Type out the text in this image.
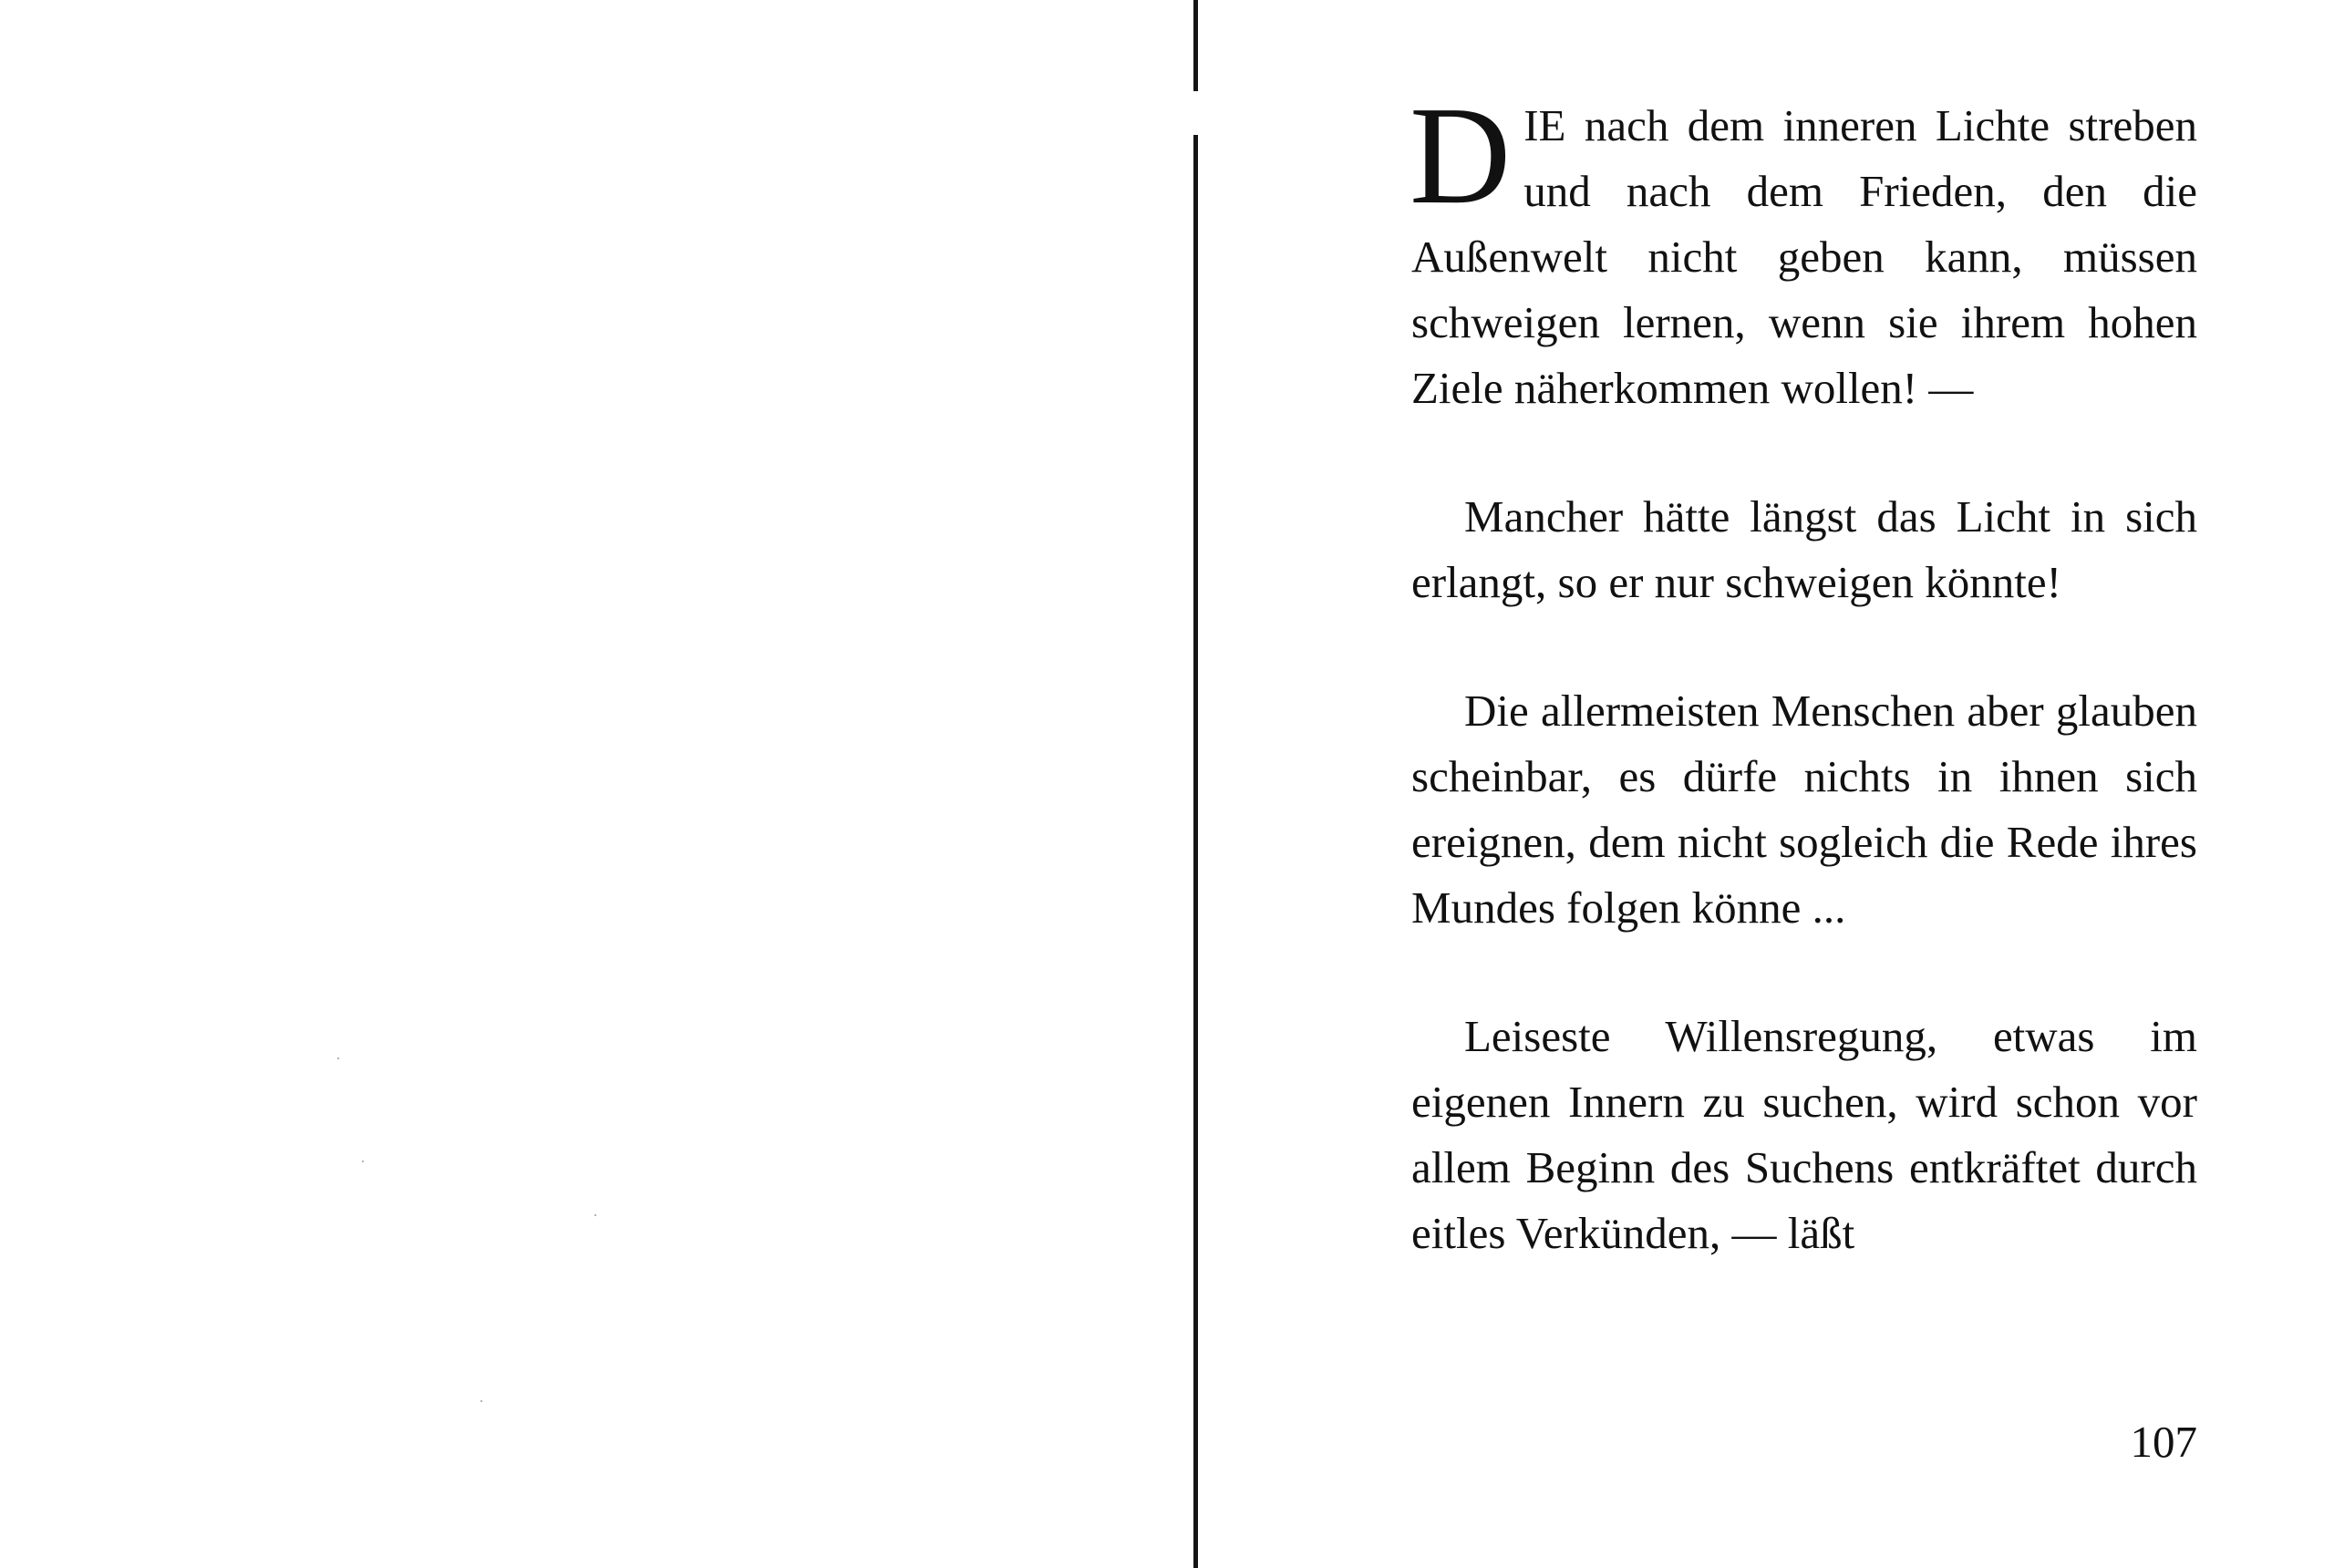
DIE nach dem inneren Lichte streben und nach dem Frieden, den die Außenwelt nicht geben kann, müssen schweigen lernen, wenn sie ihrem hohen Ziele näherkommen wollen! —

Mancher hätte längst das Licht in sich erlangt, so er nur schweigen könnte!

Die allermeisten Menschen aber glauben scheinbar, es dürfe nichts in ihnen sich ereignen, dem nicht sogleich die Rede ihres Mundes folgen könne ...

Leiseste Willensregung, etwas im eigenen Innern zu suchen, wird schon vor allem Beginn des Suchens entkräftet durch eitles Verkünden, — läßt

107
